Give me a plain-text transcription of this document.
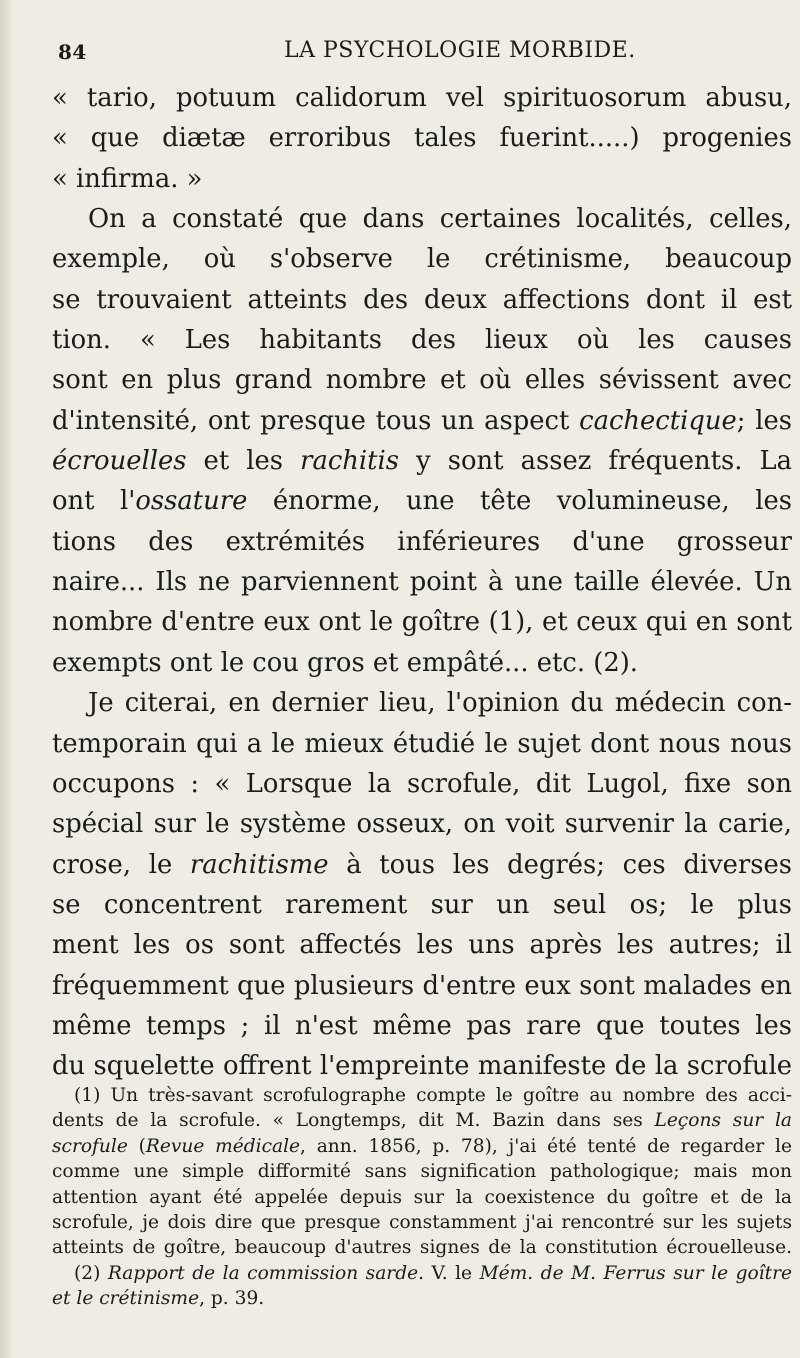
84	LA PSYCHOLOGIE MORBIDE.
« tario, potuum calidorum vel spirituosorum abusu,
« que diætæ erroribus tales fuerint.....) progenies
« infirma. »
On a constaté que dans certaines localités, celles,
exemple, où s'observe le crétinisme, beaucoup
se trouvaient atteints des deux affections dont il est
tion. « Les habitants des lieux où les causes
sont en plus grand nombre et où elles sévissent avec
d'intensité, ont presque tous un aspect cachectique; les
écrouelles et les rachitis y sont assez fréquents. La
ont l'ossature énorme, une tête volumineuse, les
tions des extrémités inférieures d'une grosseur
naire... Ils ne parviennent point à une taille élevée. Un
nombre d'entre eux ont le goître (1), et ceux qui en sont
exempts ont le cou gros et empâté... etc. (2).
Je citerai, en dernier lieu, l'opinion du médecin con-
temporain qui a le mieux étudié le sujet dont nous nous
occupons : « Lorsque la scrofule, dit Lugol, fixe son
spécial sur le système osseux, on voit survenir la carie,
crose, le rachitisme à tous les degrés; ces diverses
se concentrent rarement sur un seul os; le plus
ment les os sont affectés les uns après les autres; il
fréquemment que plusieurs d'entre eux sont malades en
même temps ; il n'est même pas rare que toutes les
du squelette offrent l'empreinte manifeste de la scrofule
(1) Un très-savant scrofulographe compte le goître au nombre des acci-
dents de la scrofule. « Longtemps, dit M. Bazin dans ses Leçons sur la
scrofule (Revue médicale, ann. 1856, p. 78), j'ai été tenté de regarder le
comme une simple difformité sans signification pathologique; mais mon
attention ayant été appelée depuis sur la coexistence du goître et de la
scrofule, je dois dire que presque constamment j'ai rencontré sur les sujets
atteints de goître, beaucoup d'autres signes de la constitution écrouelleuse.
(2) Rapport de la commission sarde. V. le Mém. de M. Ferrus sur le goître
et le crétinisme, p. 39.
